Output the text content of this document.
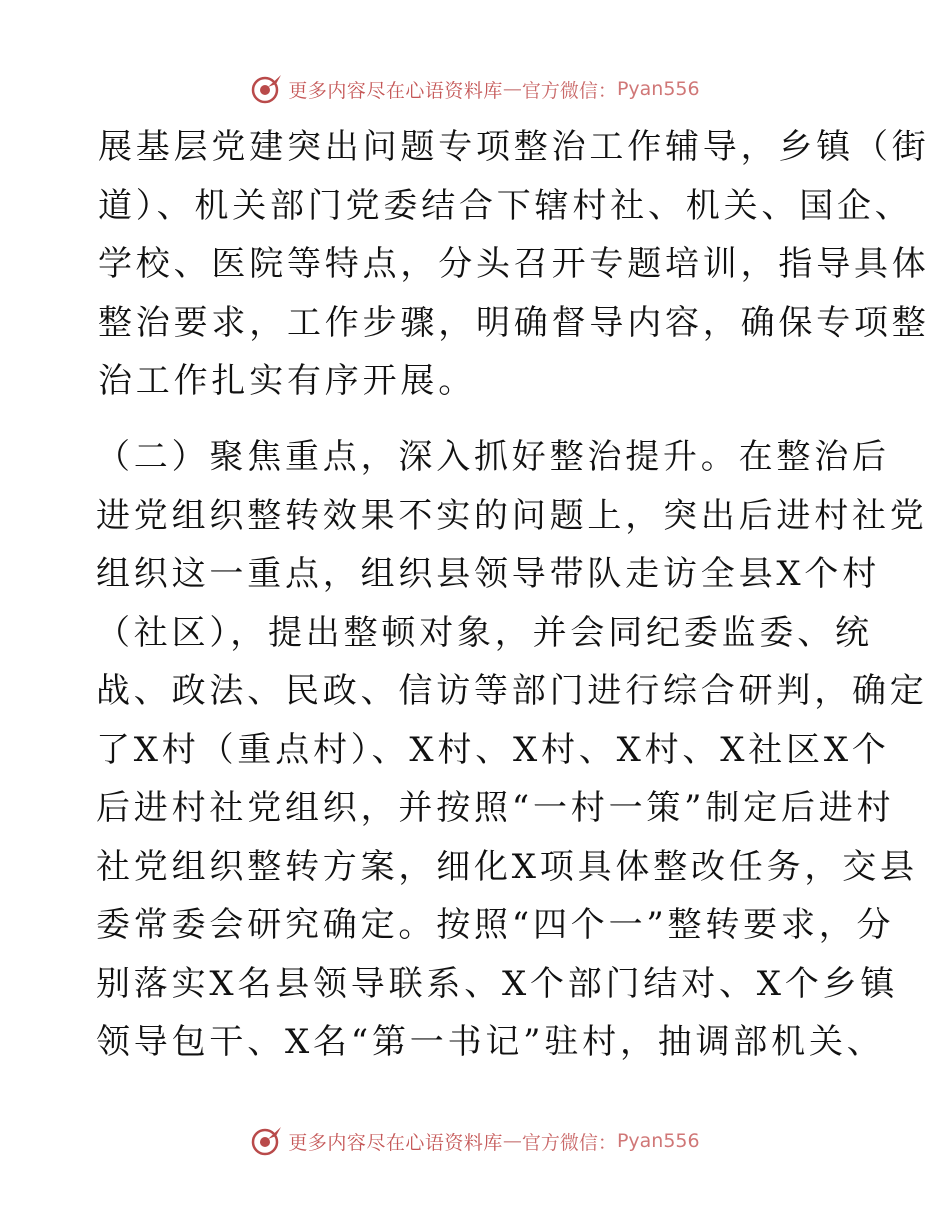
更多内容尽在心语资料库 — 官方微信： Pyan556
展基层党建突出问题专项整治工作辅导，乡镇（街
道）、机关部门党委结合下辖村社、机关、国企、
学校、医院等特点，分头召开专题培训，指导具体
整治要求，工作步骤，明确督导内容，确保专项整
治工作扎实有序开展。
（二）聚焦重点，深入抓好整治提升。在整治后
进党组织整转效果不实的问题上，突出后进村社党
组织这一重点，组织县领导带队走访全县X个村
（社区），提出整顿对象，并会同纪委监委、统
战、政法、民政、信访等部门进行综合研判，确定
了X村（重点村）、X村、X村、X村、X社区X个
后进村社党组织，并按照“一村一策”制定后进村
社党组织整转方案，细化X项具体整改任务，交县
委常委会研究确定。按照“四个一”整转要求，分
别落实X名县领导联系、X个部门结对、X个乡镇
领导包干、X名“第一书记”驻村，抽调部机关、
更多内容尽在心语资料库 — 官方微信： Pyan556
